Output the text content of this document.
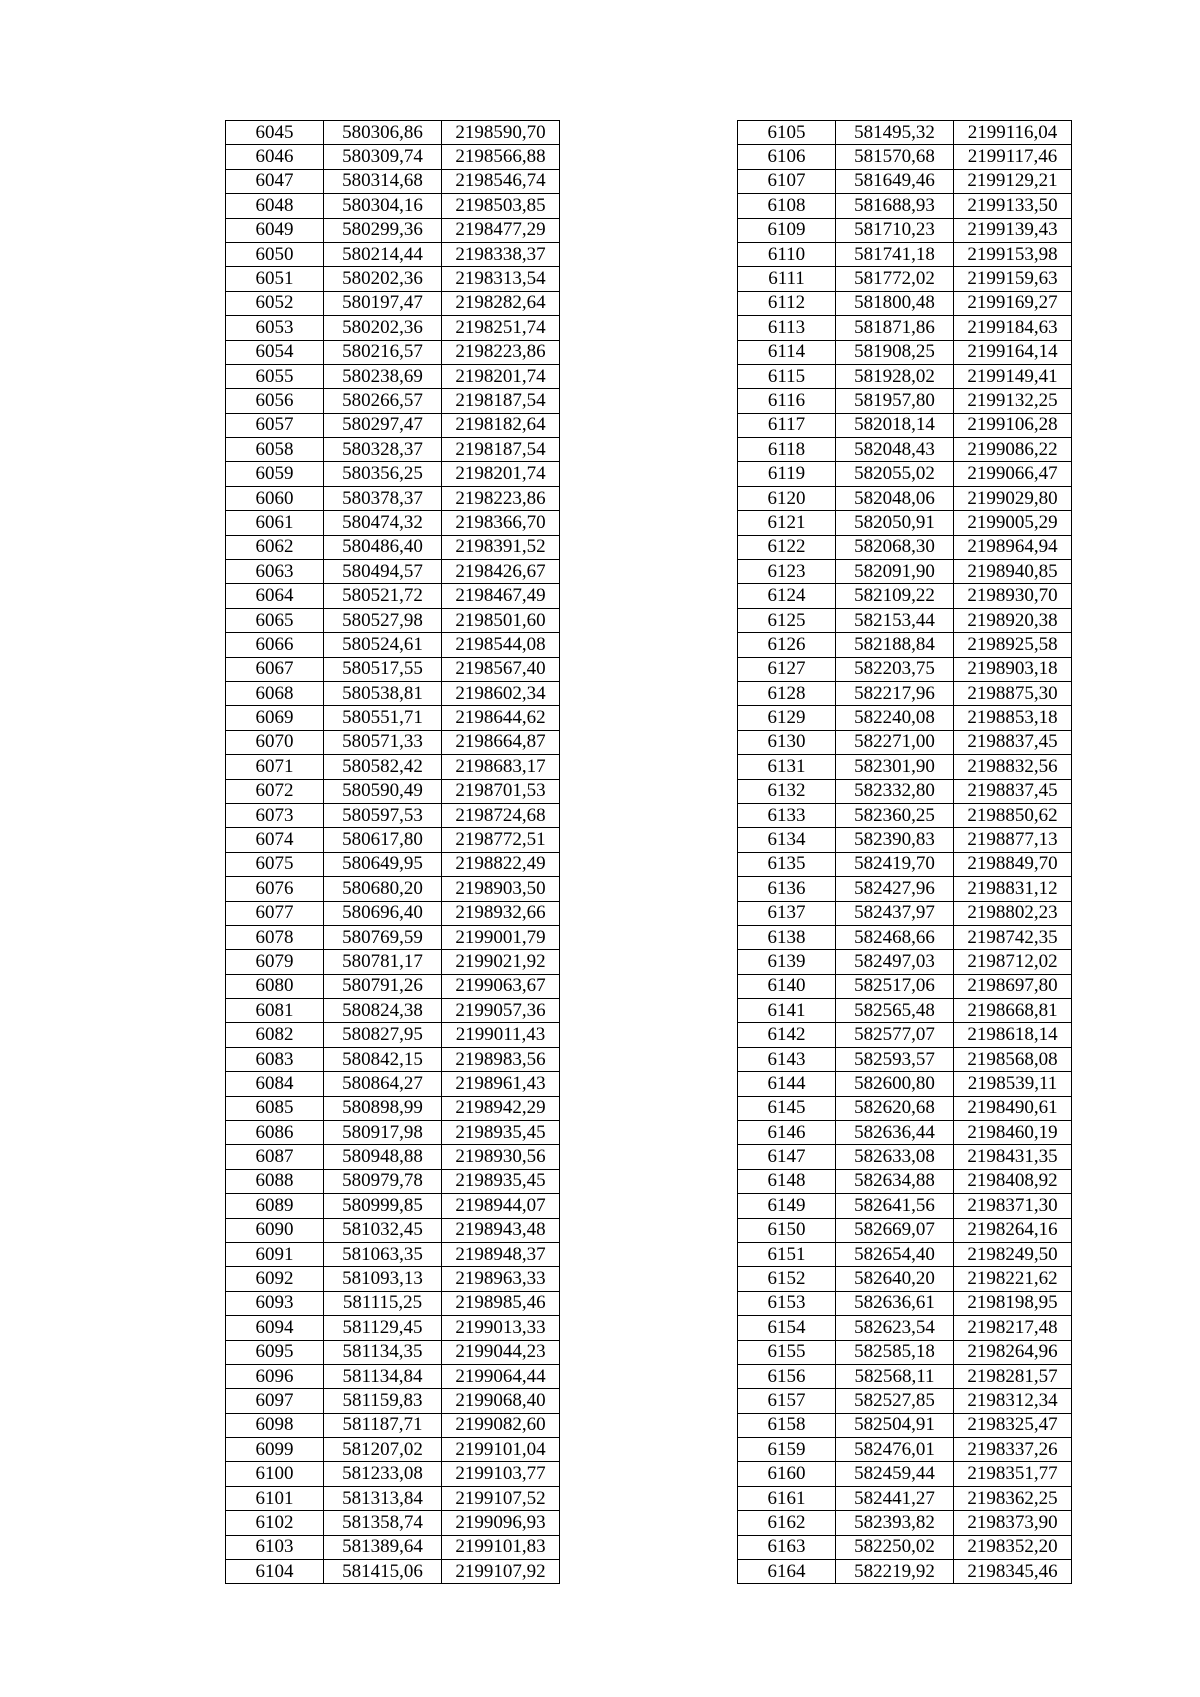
6045	580306,86	2198590,70
6046	580309,74	2198566,88
6047	580314,68	2198546,74
6048	580304,16	2198503,85
6049	580299,36	2198477,29
6050	580214,44	2198338,37
6051	580202,36	2198313,54
6052	580197,47	2198282,64
6053	580202,36	2198251,74
6054	580216,57	2198223,86
6055	580238,69	2198201,74
6056	580266,57	2198187,54
6057	580297,47	2198182,64
6058	580328,37	2198187,54
6059	580356,25	2198201,74
6060	580378,37	2198223,86
6061	580474,32	2198366,70
6062	580486,40	2198391,52
6063	580494,57	2198426,67
6064	580521,72	2198467,49
6065	580527,98	2198501,60
6066	580524,61	2198544,08
6067	580517,55	2198567,40
6068	580538,81	2198602,34
6069	580551,71	2198644,62
6070	580571,33	2198664,87
6071	580582,42	2198683,17
6072	580590,49	2198701,53
6073	580597,53	2198724,68
6074	580617,80	2198772,51
6075	580649,95	2198822,49
6076	580680,20	2198903,50
6077	580696,40	2198932,66
6078	580769,59	2199001,79
6079	580781,17	2199021,92
6080	580791,26	2199063,67
6081	580824,38	2199057,36
6082	580827,95	2199011,43
6083	580842,15	2198983,56
6084	580864,27	2198961,43
6085	580898,99	2198942,29
6086	580917,98	2198935,45
6087	580948,88	2198930,56
6088	580979,78	2198935,45
6089	580999,85	2198944,07
6090	581032,45	2198943,48
6091	581063,35	2198948,37
6092	581093,13	2198963,33
6093	581115,25	2198985,46
6094	581129,45	2199013,33
6095	581134,35	2199044,23
6096	581134,84	2199064,44
6097	581159,83	2199068,40
6098	581187,71	2199082,60
6099	581207,02	2199101,04
6100	581233,08	2199103,77
6101	581313,84	2199107,52
6102	581358,74	2199096,93
6103	581389,64	2199101,83
6104	581415,06	2199107,92
6105	581495,32	2199116,04
6106	581570,68	2199117,46
6107	581649,46	2199129,21
6108	581688,93	2199133,50
6109	581710,23	2199139,43
6110	581741,18	2199153,98
6111	581772,02	2199159,63
6112	581800,48	2199169,27
6113	581871,86	2199184,63
6114	581908,25	2199164,14
6115	581928,02	2199149,41
6116	581957,80	2199132,25
6117	582018,14	2199106,28
6118	582048,43	2199086,22
6119	582055,02	2199066,47
6120	582048,06	2199029,80
6121	582050,91	2199005,29
6122	582068,30	2198964,94
6123	582091,90	2198940,85
6124	582109,22	2198930,70
6125	582153,44	2198920,38
6126	582188,84	2198925,58
6127	582203,75	2198903,18
6128	582217,96	2198875,30
6129	582240,08	2198853,18
6130	582271,00	2198837,45
6131	582301,90	2198832,56
6132	582332,80	2198837,45
6133	582360,25	2198850,62
6134	582390,83	2198877,13
6135	582419,70	2198849,70
6136	582427,96	2198831,12
6137	582437,97	2198802,23
6138	582468,66	2198742,35
6139	582497,03	2198712,02
6140	582517,06	2198697,80
6141	582565,48	2198668,81
6142	582577,07	2198618,14
6143	582593,57	2198568,08
6144	582600,80	2198539,11
6145	582620,68	2198490,61
6146	582636,44	2198460,19
6147	582633,08	2198431,35
6148	582634,88	2198408,92
6149	582641,56	2198371,30
6150	582669,07	2198264,16
6151	582654,40	2198249,50
6152	582640,20	2198221,62
6153	582636,61	2198198,95
6154	582623,54	2198217,48
6155	582585,18	2198264,96
6156	582568,11	2198281,57
6157	582527,85	2198312,34
6158	582504,91	2198325,47
6159	582476,01	2198337,26
6160	582459,44	2198351,77
6161	582441,27	2198362,25
6162	582393,82	2198373,90
6163	582250,02	2198352,20
6164	582219,92	2198345,46
